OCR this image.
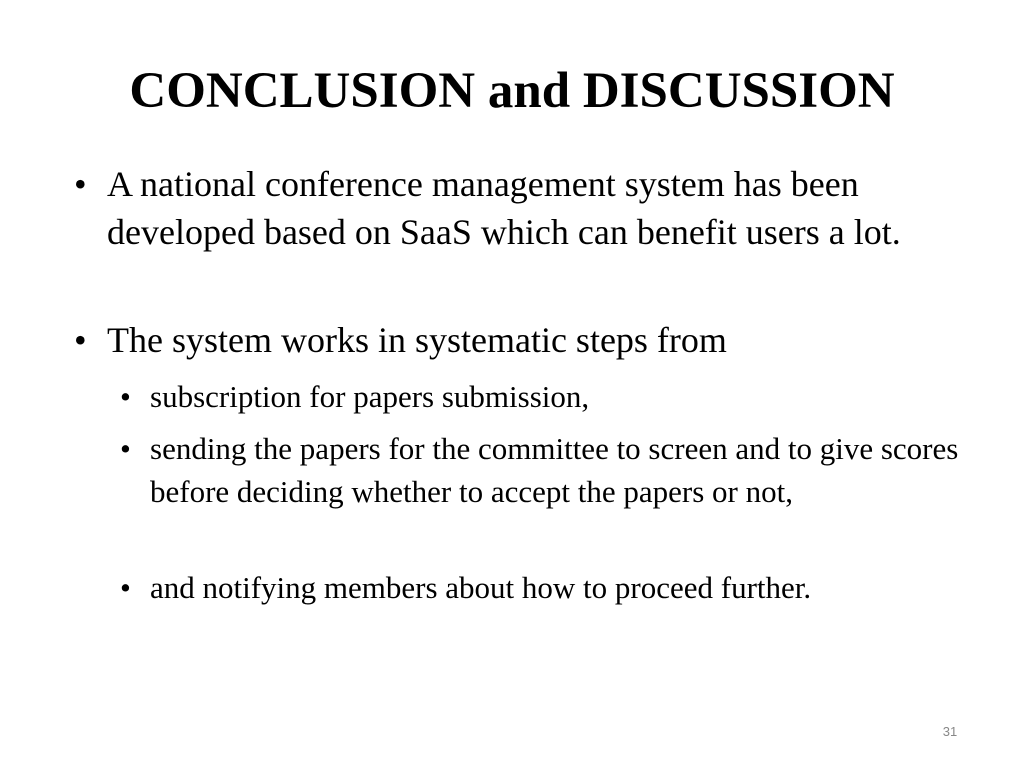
CONCLUSION and DISCUSSION
• A national conference management system has been developed based on SaaS which can benefit users a lot.
• The system works in systematic steps from
• subscription for papers submission,
• sending the papers for the committee to screen and to give scores before deciding whether to accept the papers or not,
• and notifying members about how to proceed further.
31
